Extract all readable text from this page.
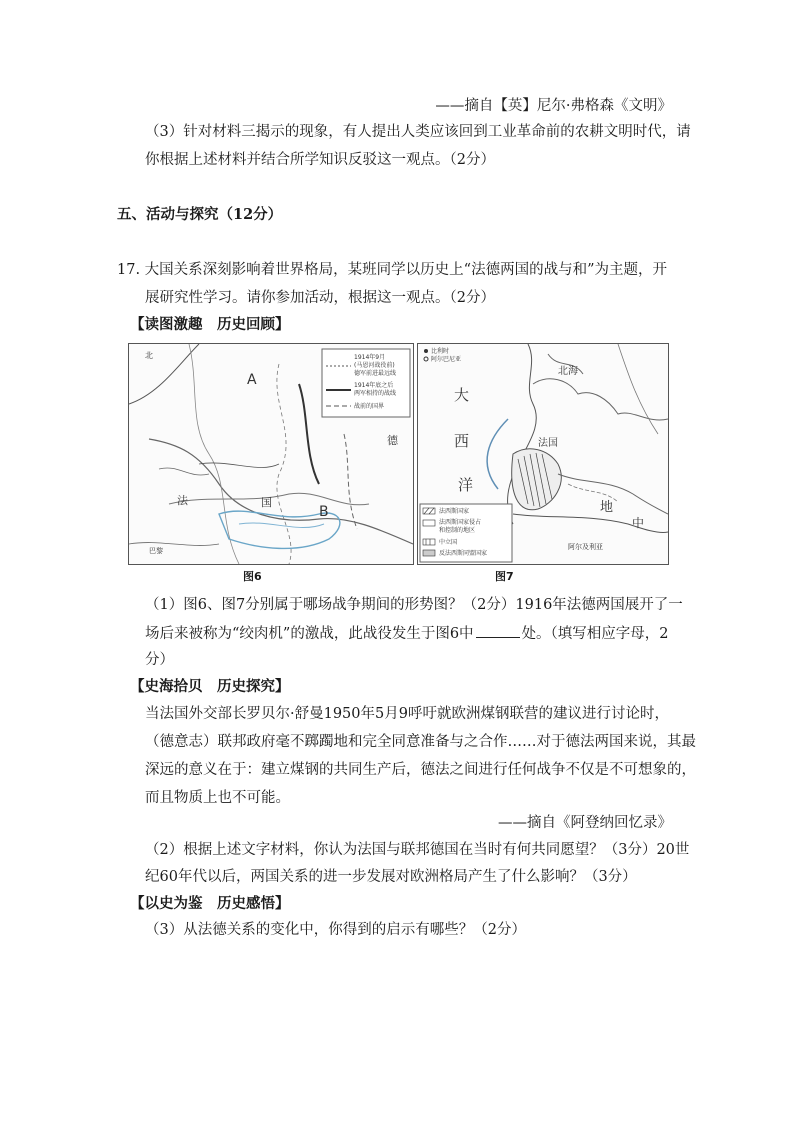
——摘自【英】尼尔·弗格森《文明》
（3）针对材料三揭示的现象，有人提出人类应该回到工业革命前的农耕文明时代，请
你根据上述材料并结合所学知识反驳这一观点。（2分）
五、活动与探究（12分）
17. 大国关系深刻影响着世界格局，某班同学以历史上“法德两国的战与和”为主题，开
展研究性学习。请你参加活动，根据这一观点。（2分）
【读图激趣　历史回顾】
1914年9月
(马恩河战役前)
德军前进最远线
1914年底之后
两军相持的战线
战前的国界
北
A
B
德
法	国
巴黎
比利时
阿尔巴尼亚
法西斯国家
法西斯国家侵占
和控制的地区
中立国
反法西斯同盟国家
大
西
洋
北海
法国
地
中
阿尔及利亚
图6	图7
（1）图6、图7分别属于哪场战争期间的形势图？（2分）1916年法德两国展开了一
场后来被称为“绞肉机”的激战，此战役发生于图6中	处。（填写相应字母，2
分）
【史海拾贝　历史探究】
当法国外交部长罗贝尔·舒曼1950年5月9呼吁就欧洲煤钢联营的建议进行讨论时，
（德意志）联邦政府毫不踯躅地和完全同意准备与之合作……对于德法两国来说，其最
深远的意义在于：建立煤钢的共同生产后，德法之间进行任何战争不仅是不可想象的，
而且物质上也不可能。
——摘自《阿登纳回忆录》
（2）根据上述文字材料，你认为法国与联邦德国在当时有何共同愿望？（3分）20世
纪60年代以后，两国关系的进一步发展对欧洲格局产生了什么影响？（3分）
【以史为鉴　历史感悟】
（3）从法德关系的变化中，你得到的启示有哪些？（2分）
